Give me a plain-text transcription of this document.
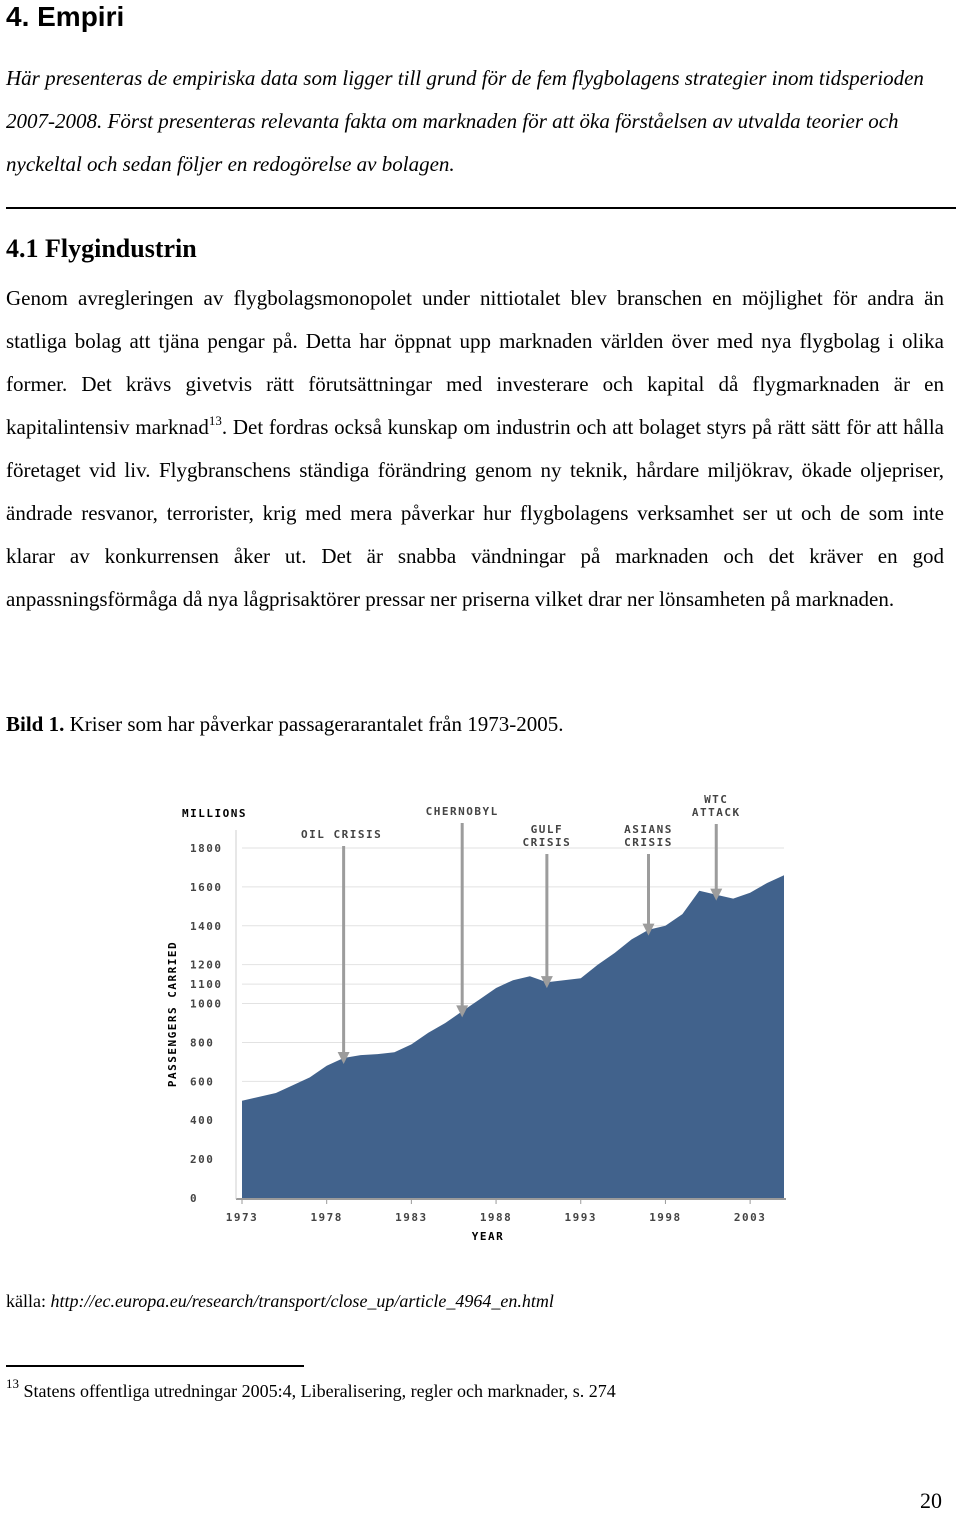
4. Empiri

Här presenteras de empiriska data som ligger till grund för de fem flygbolagens strategier inom tidsperioden 2007-2008. Först presenteras relevanta fakta om marknaden för att öka förståelsen av utvalda teorier och nyckeltal och sedan följer en redogörelse av bolagen.

4.1 Flygindustrin

Genom avregleringen av flygbolagsmonopolet under nittiotalet blev branschen en möjlighet för andra än statliga bolag att tjäna pengar på. Detta har öppnat upp marknaden världen över med nya flygbolag i olika former. Det krävs givetvis rätt förutsättningar med investerare och kapital då flygmarknaden är en kapitalintensiv marknad$^{13}$. Det fordras också kunskap om industrin och att bolaget styrs på rätt sätt för att hålla företaget vid liv. Flygbranschens ständiga förändring genom ny teknik, hårdare miljökrav, ökade oljepriser, ändrade resvanor, terrorister, krig med mera påverkar hur flygbolagens verksamhet ser ut och de som inte klarar av konkurrensen åker ut. Det är snabba vändningar på marknaden och det kräver en god anpassningsförmåga då nya lågprisaktörer pressar ner priserna vilket drar ner lönsamheten på marknaden.

Bild 1. Kriser som har påverkar passagerarantalet från 1973-2005.

OIL CRISIS
CHERNOBYL
GULF
CRISIS
ASIANS
CRISIS
WTC
ATTACK
0
200
400
600
800
1000
1100
1200
1400
1600
1800
1973	1978	1983	1988	1993	1998	2003
MILLIONS
PASSENGERS CARRIED
YEAR

källa: http://ec.europa.eu/research/transport/close_up/article_4964_en.html

$^{13}$ Statens offentliga utredningar 2005:4, Liberalisering, regler och marknader, s. 274

20
